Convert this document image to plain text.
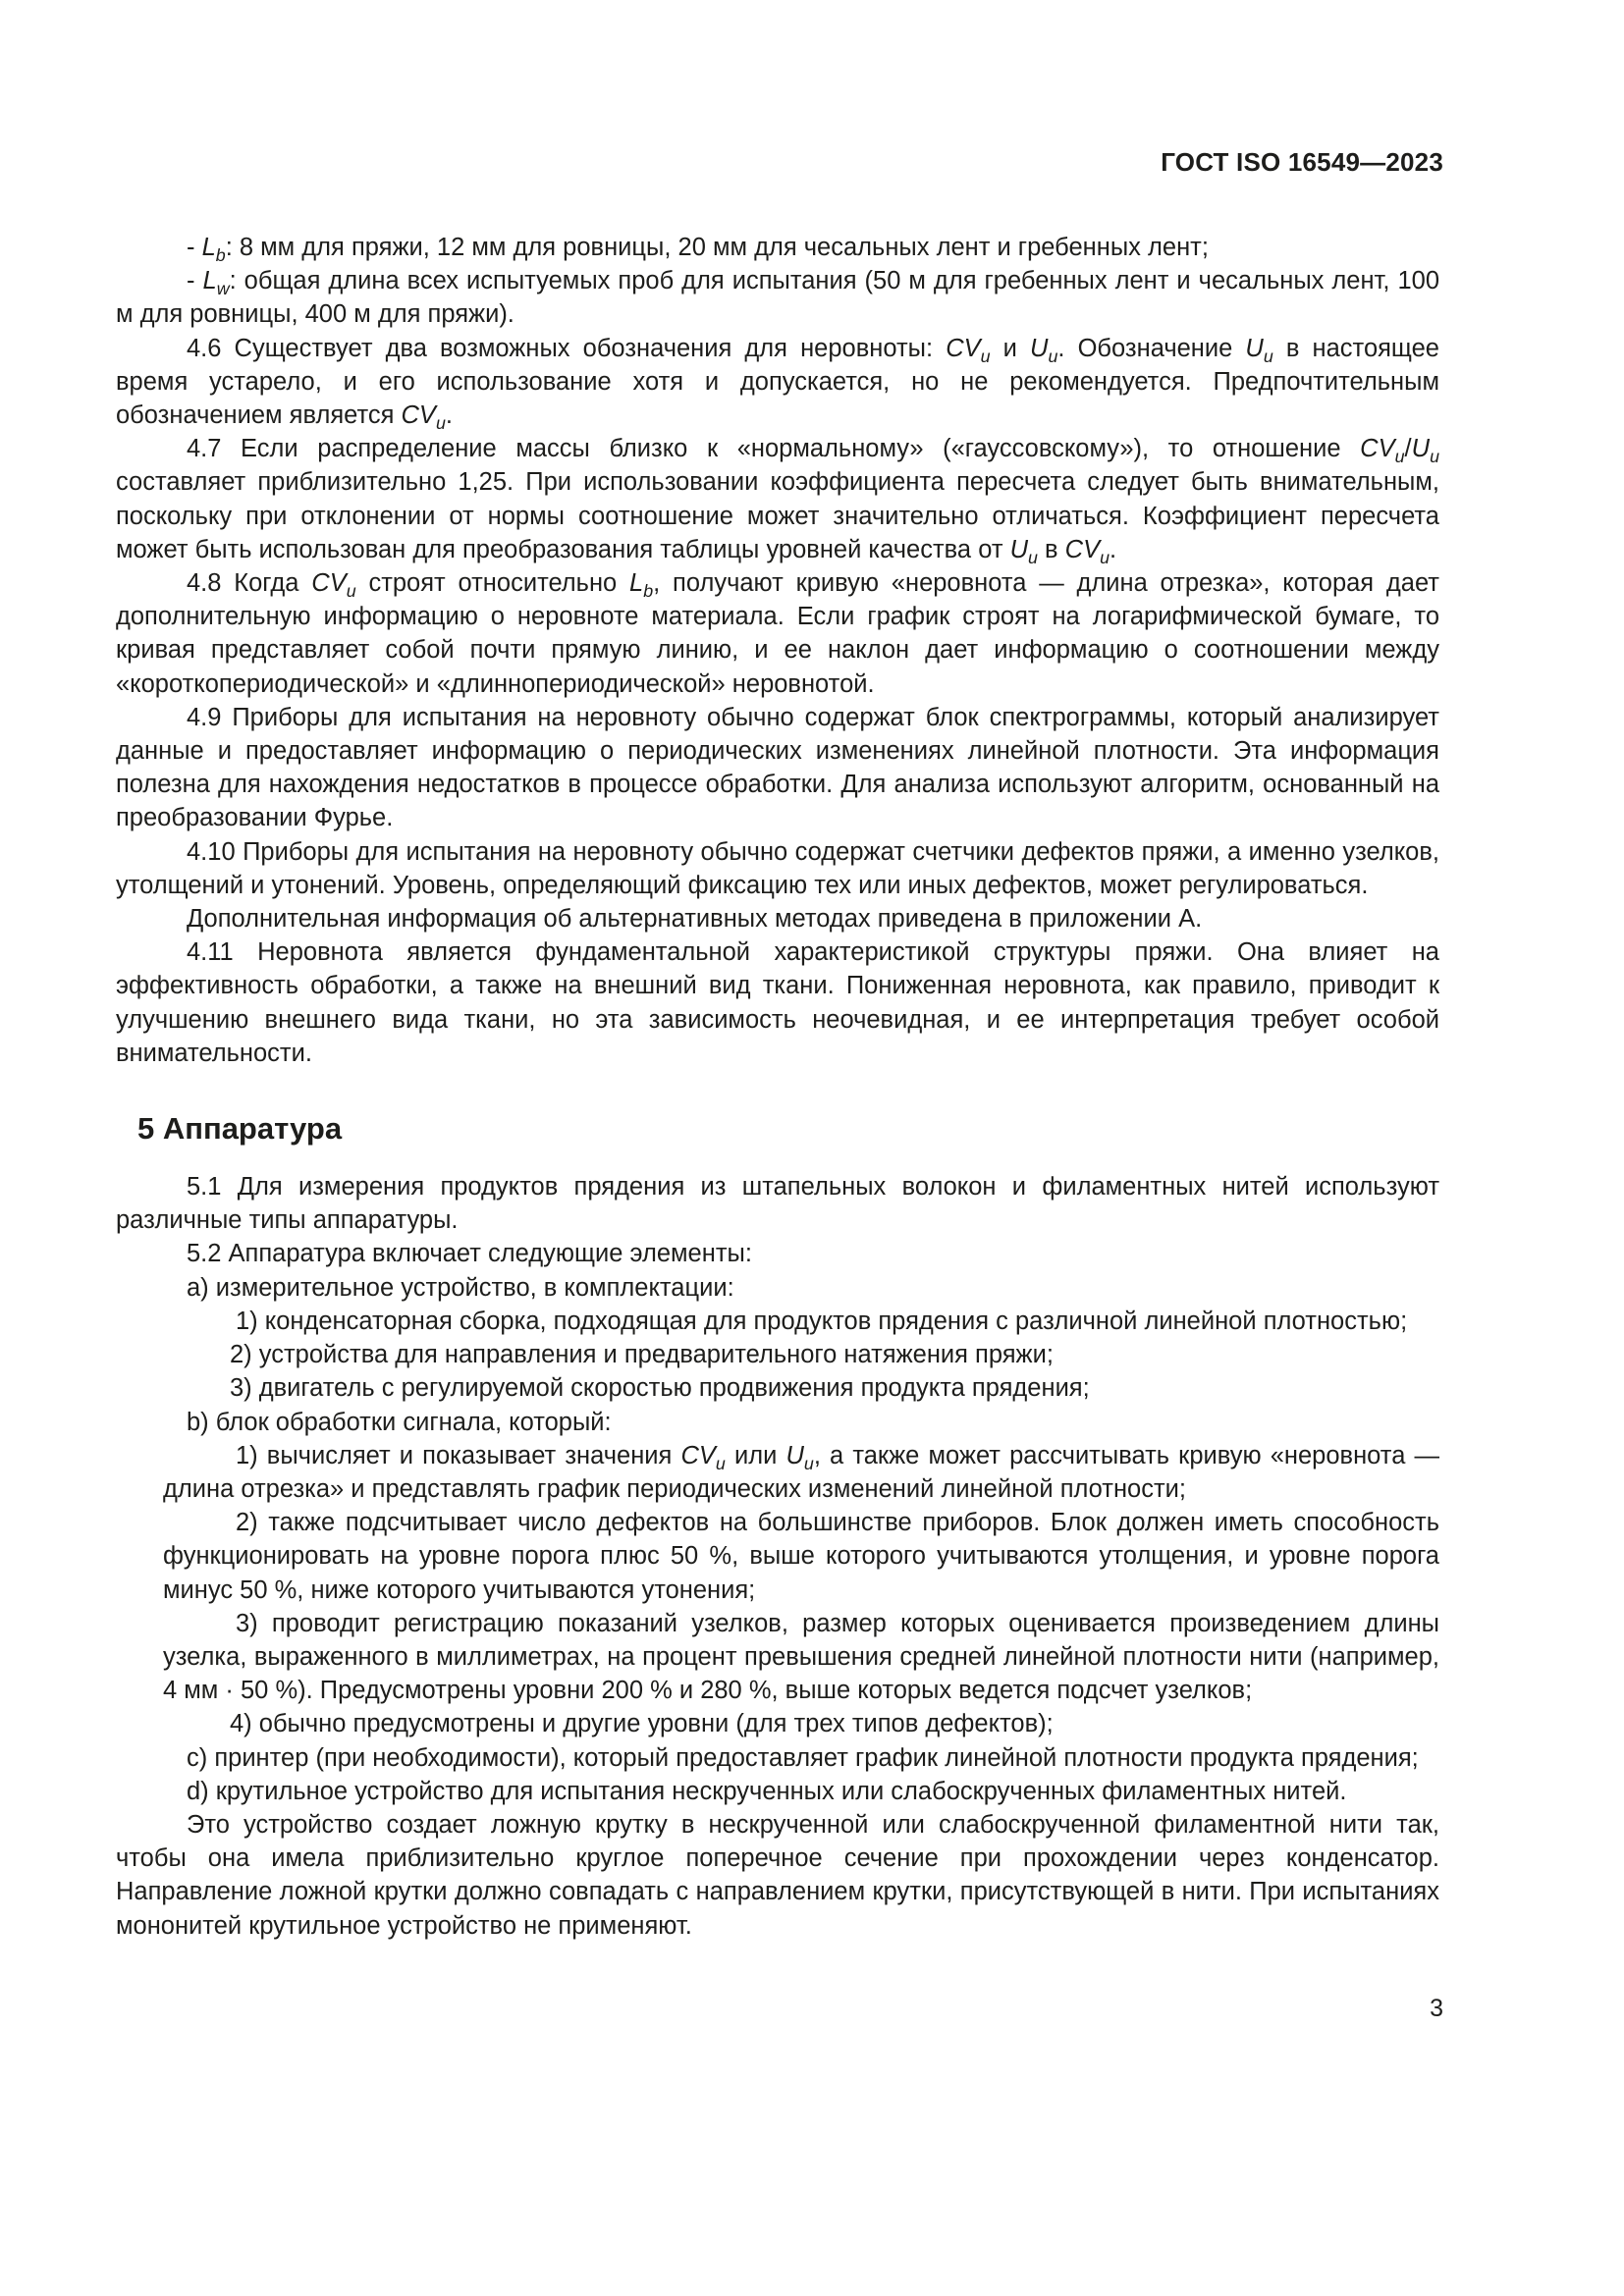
ГОСТ ISO 16549—2023

- $L_b$: 8 мм для пряжи, 12 мм для ровницы, 20 мм для чесальных лент и гребенных лент;

- $L_w$: общая длина всех испытуемых проб для испытания (50 м для гребенных лент и чесальных лент, 100 м для ровницы, 400 м для пряжи).

4.6 Существует два возможных обозначения для неровноты: $CV_u$ и $U_u$. Обозначение $U_u$ в настоящее время устарело, и его использование хотя и допускается, но не рекомендуется. Предпочтительным обозначением является $CV_u$.

4.7 Если распределение массы близко к «нормальному» («гауссовскому»), то отношение $CV_u/U_u$ составляет приблизительно 1,25. При использовании коэффициента пересчета следует быть внимательным, поскольку при отклонении от нормы соотношение может значительно отличаться. Коэффициент пересчета может быть использован для преобразования таблицы уровней качества от $U_u$ в $CV_u$.

4.8 Когда $CV_u$ строят относительно $L_b$, получают кривую «неровнота — длина отрезка», которая дает дополнительную информацию о неровноте материала. Если график строят на логарифмической бумаге, то кривая представляет собой почти прямую линию, и ее наклон дает информацию о соотношении между «короткопериодической» и «длиннопериодической» неровнотой.

4.9 Приборы для испытания на неровноту обычно содержат блок спектрограммы, который анализирует данные и предоставляет информацию о периодических изменениях линейной плотности. Эта информация полезна для нахождения недостатков в процессе обработки. Для анализа используют алгоритм, основанный на преобразовании Фурье.

4.10 Приборы для испытания на неровноту обычно содержат счетчики дефектов пряжи, а именно узелков, утолщений и утонений. Уровень, определяющий фиксацию тех или иных дефектов, может регулироваться.

Дополнительная информация об альтернативных методах приведена в приложении А.

4.11 Неровнота является фундаментальной характеристикой структуры пряжи. Она влияет на эффективность обработки, а также на внешний вид ткани. Пониженная неровнота, как правило, приводит к улучшению внешнего вида ткани, но эта зависимость неочевидная, и ее интерпретация требует особой внимательности.

5 Аппаратура

5.1 Для измерения продуктов прядения из штапельных волокон и филаментных нитей используют различные типы аппаратуры.

5.2 Аппаратура включает следующие элементы:

а) измерительное устройство, в комплектации:

1) конденсаторная сборка, подходящая для продуктов прядения с различной линейной плотностью;

2) устройства для направления и предварительного натяжения пряжи;

3) двигатель с регулируемой скоростью продвижения продукта прядения;

b) блок обработки сигнала, который:

1) вычисляет и показывает значения $CV_u$ или $U_u$, а также может рассчитывать кривую «неровнота — длина отрезка» и представлять график периодических изменений линейной плотности;

2) также подсчитывает число дефектов на большинстве приборов. Блок должен иметь способность функционировать на уровне порога плюс 50 %, выше которого учитываются утолщения, и уровне порога минус 50 %, ниже которого учитываются утонения;

3) проводит регистрацию показаний узелков, размер которых оценивается произведением длины узелка, выраженного в миллиметрах, на процент превышения средней линейной плотности нити (например, 4 мм · 50 %). Предусмотрены уровни 200 % и 280 %, выше которых ведется подсчет узелков;

4) обычно предусмотрены и другие уровни (для трех типов дефектов);

c) принтер (при необходимости), который предоставляет график линейной плотности продукта прядения;

d) крутильное устройство для испытания нескрученных или слабоскрученных филаментных нитей.

Это устройство создает ложную крутку в нескрученной или слабоскрученной филаментной нити так, чтобы она имела приблизительно круглое поперечное сечение при прохождении через конденсатор. Направление ложной крутки должно совпадать с направлением крутки, присутствующей в нити. При испытаниях мононитей крутильное устройство не применяют.

3
